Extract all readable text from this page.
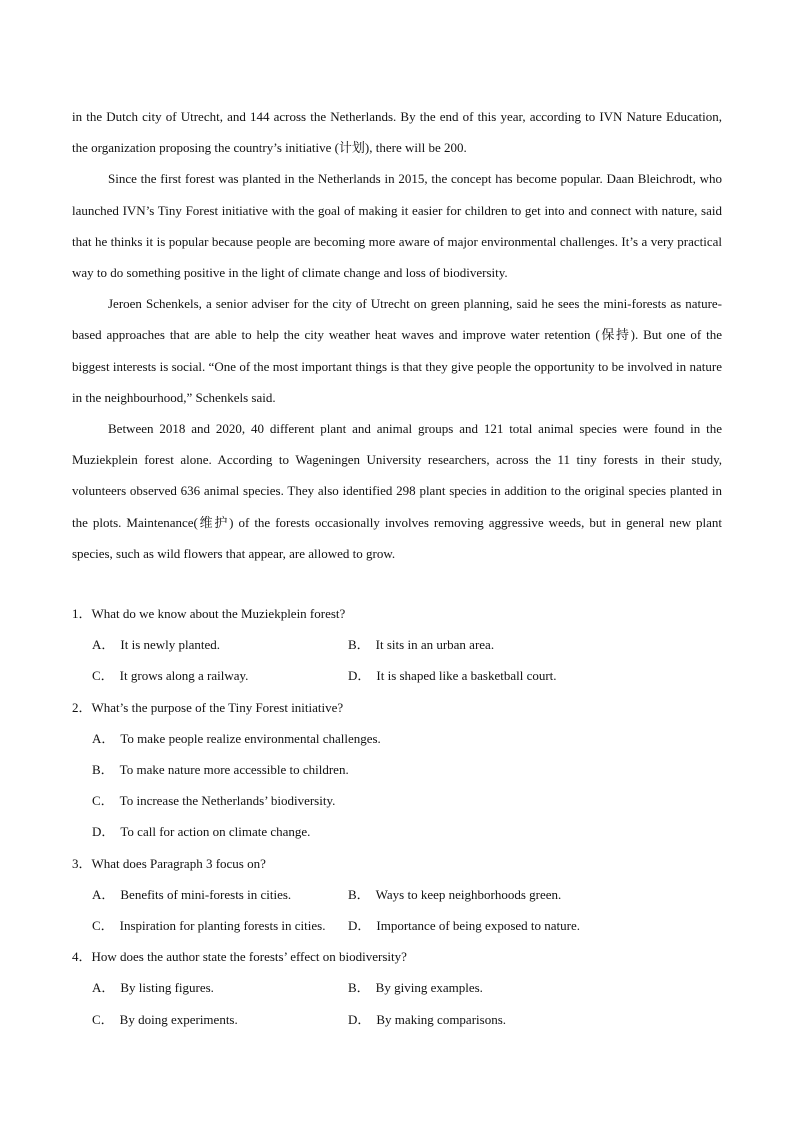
in the Dutch city of Utrecht, and 144 across the Netherlands. By the end of this year, according to IVN Nature Education, the organization proposing the country’s initiative (计划), there will be 200.

Since the first forest was planted in the Netherlands in 2015, the concept has become popular. Daan Bleichrodt, who launched IVN’s Tiny Forest initiative with the goal of making it easier for children to get into and connect with nature, said that he thinks it is popular because people are becoming more aware of major environmental challenges. It’s a very practical way to do something positive in the light of climate change and loss of biodiversity.

Jeroen Schenkels, a senior adviser for the city of Utrecht on green planning, said he sees the mini-forests as nature-based approaches that are able to help the city weather heat waves and improve water retention (保持). But one of the biggest interests is social. “One of the most important things is that they give people the opportunity to be involved in nature in the neighbourhood,” Schenkels said.

Between 2018 and 2020, 40 different plant and animal groups and 121 total animal species were found in the Muziekplein forest alone. According to Wageningen University researchers, across the 11 tiny forests in their study, volunteers observed 636 animal species. They also identified 298 plant species in addition to the original species planted in the plots. Maintenance(维护) of the forests occasionally involves removing aggressive weeds, but in general new plant species, such as wild flowers that appear, are allowed to grow.

1．What do we know about the Muziekplein forest?

A． It is newly planted.	B． It sits in an urban area.
C． It grows along a railway.	D． It is shaped like a basketball court.

2．What’s the purpose of the Tiny Forest initiative?

A． To make people realize environmental challenges.

B． To make nature more accessible to children.

C． To increase the Netherlands’ biodiversity.

D． To call for action on climate change.

3．What does Paragraph 3 focus on?

A． Benefits of mini-forests in cities.	B． Ways to keep neighborhoods green.
C． Inspiration for planting forests in cities.	D． Importance of being exposed to nature.

4．How does the author state the forests’ effect on biodiversity?

A． By listing figures.	B． By giving examples.
C． By doing experiments.	D． By making comparisons.
